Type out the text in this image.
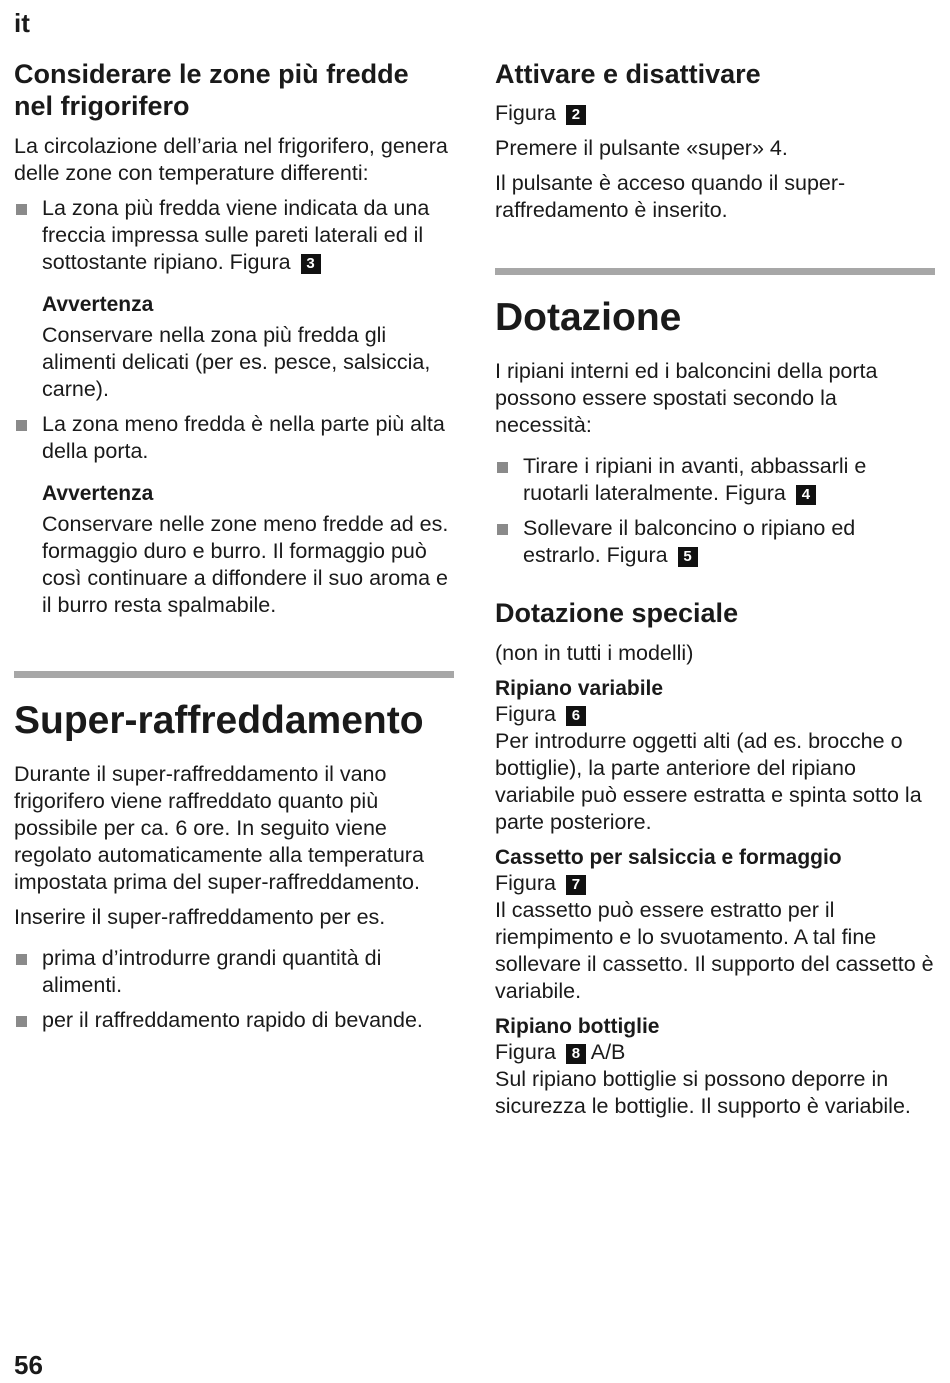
it
Considerare le zone più fredde nel frigorifero

La circolazione dell’aria nel frigorifero, genera delle zone con temperature differenti:

La zona più fredda viene indicata da una freccia impressa sulle pareti laterali ed il sottostante ripiano. Figura 3
Avvertenza
Conservare nella zona più fredda gli alimenti delicati (per es. pesce, salsiccia, carne).
La zona meno fredda è nella parte più alta della porta.
Avvertenza
Conservare nelle zone meno fredde ad es. formaggio duro e burro. Il formaggio può così continuare a diffondere il suo aroma e il burro resta spalmabile.
Super-raffreddamento

Durante il super-raffreddamento il vano frigorifero viene raffreddato quanto più possibile per ca. 6 ore. In seguito viene regolato automaticamente alla temperatura impostata prima del super-raffreddamento.

Inserire il super-raffreddamento per es.

prima d’introdurre grandi quantità di alimenti.
per il raffreddamento rapido di bevande.
Attivare e disattivare

Figura 2

Premere il pulsante «super» 4.

Il pulsante è acceso quando il super-raffredamento è inserito.

Dotazione

I ripiani interni ed i balconcini della porta possono essere spostati secondo la necessità:

Tirare i ripiani in avanti, abbassarli e ruotarli lateralmente. Figura 4
Sollevare il balconcino o ripiano ed estrarlo. Figura 5
Dotazione speciale

(non in tutti i modelli)

Ripiano variabile

Figura 6

Per introdurre oggetti alti (ad es. brocche o bottiglie), la parte anteriore del ripiano variabile può essere estratta e spinta sotto la parte posteriore.

Cassetto per salsiccia e formaggio

Figura 7

Il cassetto può essere estratto per il riempimento e lo svuotamento. A tal fine sollevare il cassetto. Il supporto del cassetto è variabile.

Ripiano bottiglie

Figura 8 A/B

Sul ripiano bottiglie si possono deporre in sicurezza le bottiglie. Il supporto è variabile.

56
